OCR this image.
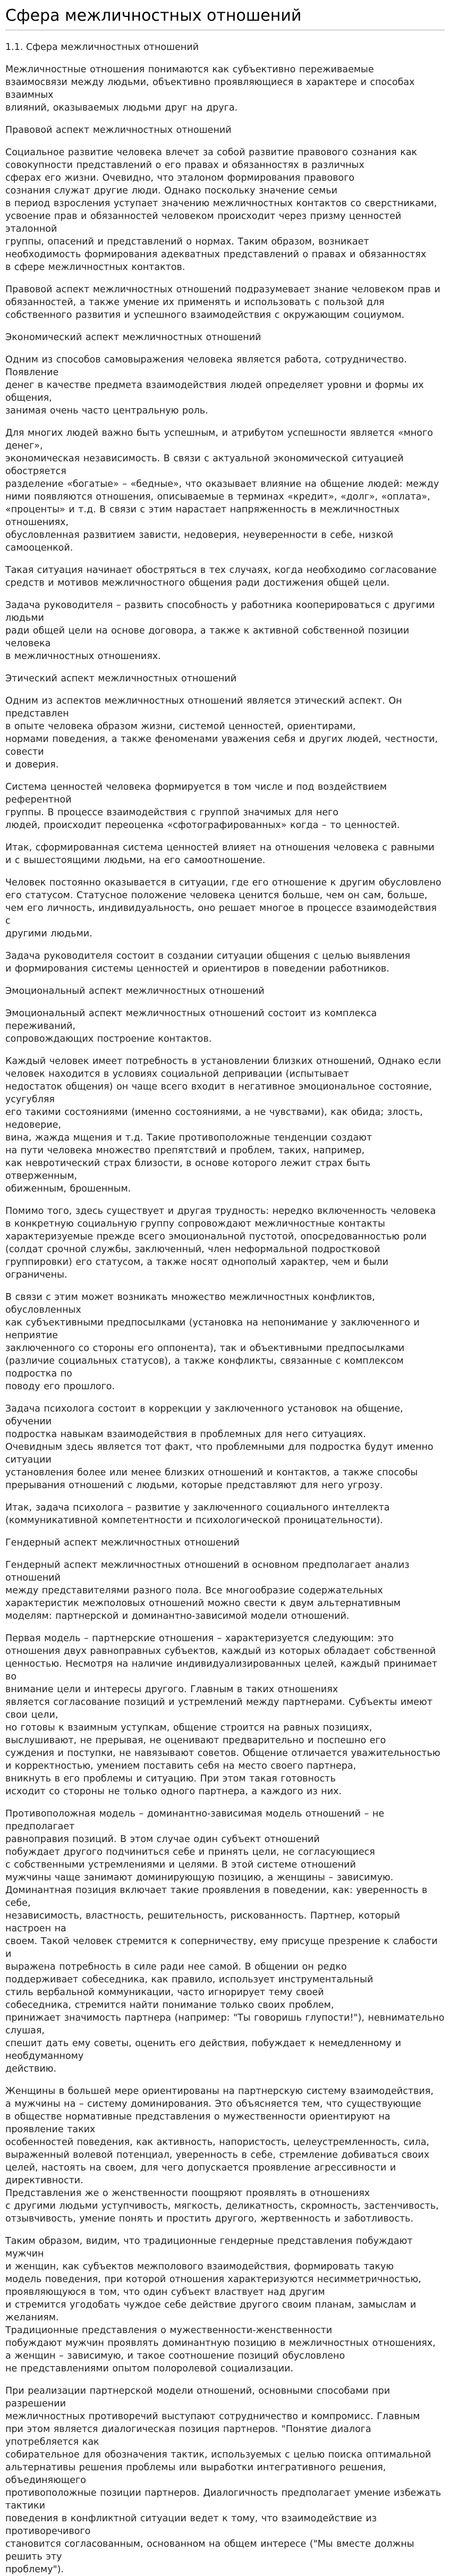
Сфера межличностных отношений
1.1. Сфера межличностных отношений

Межличностные отношения понимаются как субъективно переживаемые
взаимосвязи между людьми, объективно проявляющиеся в характере и способах взаимных
влияний, оказываемых людьми друг на друга.

Правовой аспект межличностных отношений

Социальное развитие человека влечет за собой развитие правового сознания как
совокупности представлений о его правах и обязанностях в различных
сферах его жизни. Очевидно, что эталоном формирования правового
сознания служат другие люди. Однако поскольку значение семьи
в период взросления уступает значению межличностных контактов со сверстниками,
усвоение прав и обязанностей человеком происходит через призму ценностей эталонной
группы, опасений и представлений о нормах. Таким образом, возникает
необходимость формирования адекватных представлений о правах и обязанностях
в сфере межличностных контактов.

Правовой аспект межличностных отношений подразумевает знание человеком прав и
обязанностей, а также умение их применять и использовать с пользой для
собственного развития и успешного взаимодействия с окружающим социумом.

Экономический аспект межличностных отношений

Одним из способов самовыражения человека является работа, сотрудничество. Появление
денег в качестве предмета взаимодействия людей определяет уровни и формы их общения,
занимая очень часто центральную роль.

Для многих людей важно быть успешным, и атрибутом успешности является «много денег»,
экономическая независимость. В связи с актуальной экономической ситуацией обостряется
разделение «богатые» – «бедные», что оказывает влияние на общение людей: между
ними появляются отношения, описываемые в терминах «кредит», «долг», «оплата»,
«проценты» и т.д. В связи с этим нарастает напряженность в межличностных отношениях,
обусловленная развитием зависти, недоверия, неуверенности в себе, низкой самооценкой.

Такая ситуация начинает обостряться в тех случаях, когда необходимо согласование
средств и мотивов межличностного общения ради достижения общей цели.

Задача руководителя – развить способность у работника кооперироваться с другими людьми
ради общей цели на основе договора, а также к активной собственной позиции человека
в межличностных отношениях.

Этический аспект межличностных отношений

Одним из аспектов межличностных отношений является этический аспект. Он представлен
в опыте человека образом жизни, системой ценностей, ориентирами,
нормами поведения, а также феноменами уважения себя и других людей, честности, совести
и доверия.

Система ценностей человека формируется в том числе и под воздействием референтной
группы. В процессе взаимодействия с группой значимых для него
людей, происходит переоценка «сфотографированных» когда – то ценностей.

Итак, сформированная система ценностей влияет на отношения человека с равными
и с вышестоящими людьми, на его самоотношение.

Человек постоянно оказывается в ситуации, где его отношение к другим обусловлено
его статусом. Статусное положение человека ценится больше, чем он сам, больше,
чем его личность, индивидуальность, оно решает многое в процессе взаимодействия с
другими людьми.

Задача руководителя состоит в создании ситуации общения с целью выявления
и формирования системы ценностей и ориентиров в поведении работников.

Эмоциональный аспект межличностных отношений

Эмоциональный аспект межличностных отношений состоит из комплекса переживаний,
сопровождающих построение контактов.

Каждый человек имеет потребность в установлении близких отношений, Однако если
человек находится в условиях социальной депривации (испытывает
недостаток общения) он чаще всего входит в негативное эмоциональное состояние, усугубляя
его такими состояниями (именно состояниями, а не чувствами), как обида; злость, недоверие,
вина, жажда мщения и т.д. Такие противоположные тенденции создают
на пути человека множество препятствий и проблем, таких, например,
как невротический страх близости, в основе которого лежит страх быть отверженным,
обиженным, брошенным.

Помимо того, здесь существует и другая трудность: нередко включенность человека
в конкретную социальную группу сопровождают межличностные контакты
характеризуемые прежде всего эмоциональной пустотой, опосредованностью роли
(солдат срочной службы, заключенный, член неформальной подростковой
группировки) его статусом, а также носят однополый характер, чем и были ограничены.

В связи с этим может возникать множество межличностных конфликтов, обусловленных
как субъективными предпосылками (установка на непонимание у заключенного и неприятие
заключенного со стороны его оппонента), так и объективными предпосылками
(различие социальных статусов), а также конфликты, связанные с комплексом подростка по
поводу его прошлого.

Задача психолога состоит в коррекции у заключенного установок на общение, обучении
подростка навыкам взаимодействия в проблемных для него ситуациях.
Очевидным здесь является тот факт, что проблемными для подростка будут именно ситуации
установления более или менее близких отношений и контактов, а также способы
прерывания отношений с людьми, которые представляют для него угрозу.

Итак, задача психолога – развитие у заключенного социального интеллекта
(коммуникативной компетентности и психологической проницательности).

Гендерный аспект межличностных отношений

Гендерный аспект межличностных отношений в основном предполагает анализ отношений
между представителями разного пола. Все многообразие содержательных
характеристик межполовых отношений можно свести к двум альтернативным
моделям: партнерской и доминантно-зависимой модели отношений.

Первая модель – партнерские отношения – характеризуется следующим: это
отношения двух равноправных субъектов, каждый из которых обладает собственной
ценностью. Несмотря на наличие индивидуализированных целей, каждый принимает во
внимание цели и интересы другого. Главным в таких отношениях
является согласование позиций и устремлений между партнерами. Субъекты имеют свои цели,
но готовы к взаимным уступкам, общение строится на равных позициях,
выслушивают, не прерывая, не оценивают предварительно и поспешно его
суждения и поступки, не навязывают советов. Общение отличается уважительностью
и корректностью, умением поставить себя на место своего партнера,
вникнуть в его проблемы и ситуацию. При этом такая готовность
исходит со стороны не только одного партнера, а каждого из них.

Противоположная модель – доминантно-зависимая модель отношений – не предполагает
равноправия позиций. В этом случае один субъект отношений
побуждает другого подчиниться себе и принять цели, не согласующиеся
с собственными устремлениями и целями. В этой системе отношений
мужчины чаще занимают доминирующую позицию, а женщины – зависимую.
Доминантная позиция включает такие проявления в поведении, как: уверенность в себе,
независимость, властность, решительность, рискованность. Партнер, который настроен на
своем. Такой человек стремится к соперничеству, ему присуще презрение к слабости и
выражена потребность в силе ради нее самой. В общении он редко
поддерживает собеседника, как правило, использует инструментальный
стиль вербальной коммуникации, часто игнорирует тему своей
собеседника, стремится найти понимание только своих проблем,
принижает значимость партнера (например: "Ты говоришь глупости!"), невнимательно слушая,
спешит дать ему советы, оценить его действия, побуждает к немедленному и необдуманному
действию.

Женщины в большей мере ориентированы на партнерскую систему взаимодействия,
а мужчины на – систему доминирования. Это объясняется тем, что существующие
в обществе нормативные представления о мужественности ориентируют на проявление таких
особенностей поведения, как активность, напористость, целеустремленность, сила,
выраженный волевой потенциал, уверенность в себе, стремление добиваться своих
целей, настоять на своем, для чего допускается проявление агрессивности и директивности.
Представления же о женственности поощряют проявлять в отношениях
с другими людьми уступчивость, мягкость, деликатность, скромность, застенчивость,
отзывчивость, умение понять и простить другого, жертвенность и заботливость.

Таким образом, видим, что традиционные гендерные представления побуждают мужчин
и женщин, как субъектов межполового взаимодействия, формировать такую
модель поведения, при которой отношения характеризуются несимметричностью,
проявляющуюся в том, что один субъект властвует над другим
и стремится угодобать чуждое себе действие другого своим планам, замыслам и желаниям.
Традиционные представления о мужественности-женственности
побуждают мужчин проявлять доминантную позицию в межличностных отношениях,
а женщин – зависимую, и такое соотношение позиций обусловлено
не представлениями опытом полоролевой социализации.

При реализации партнерской модели отношений, основными способами при разрешении
межличностных противоречий выступают сотрудничество и компромисс. Главным
при этом является диалогическая позиция партнеров. "Понятие диалога употребляется как
собирательное для обозначения тактик, используемых с целью поиска оптимальной
альтернативы решения проблемы или выработки интегративного решения, объединяющего
противоположные позиции партнеров. Диалогичность предполагает умение избежать тактики
поведения в конфликтной ситуации ведет к тому, что взаимодействие из противоречивого
становится согласованным, основанном на общем интересе ("Мы вместе должны решить эту
проблему").
